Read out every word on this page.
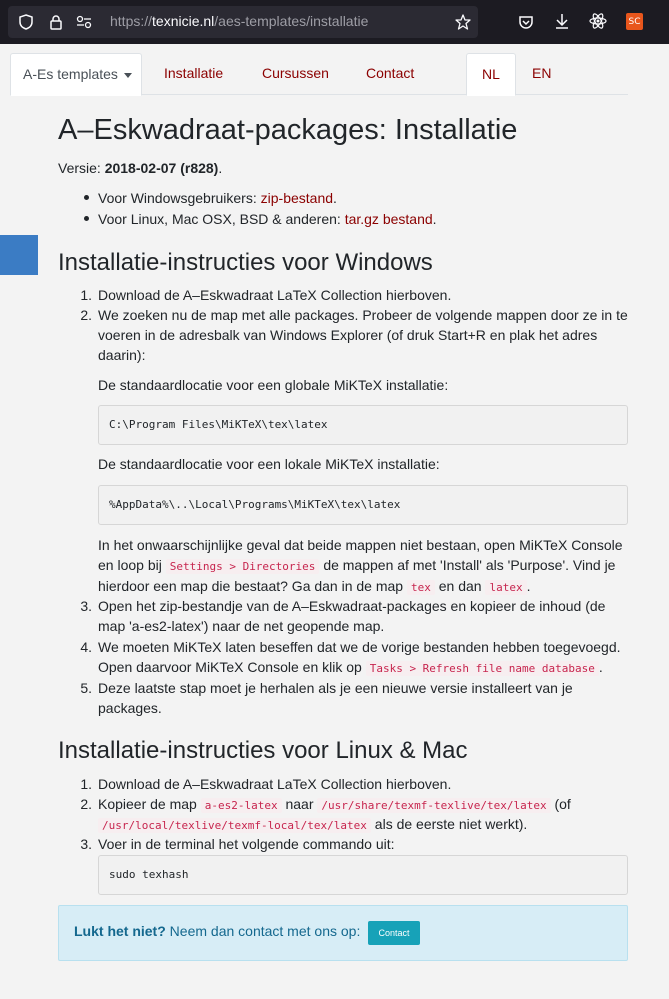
https://texnicie.nl/aes-templates/installatie	SC
A-Es templates	Installatie	Cursussen	Contact	NL	EN
A–Eskwadraat-packages: Installatie
Versie: 2018-02-07 (r828).
Voor Windowsgebruikers: zip-bestand.
Voor Linux, Mac OSX, BSD & anderen: tar.gz bestand.
Installatie-instructies voor Windows
1. Download de A–Eskwadraat LaTeX Collection hierboven.
2. We zoeken nu de map met alle packages. Probeer de volgende mappen door ze in te
voeren in de adresbalk van Windows Explorer (of druk Start+R en plak het adres
daarin):
De standaardlocatie voor een globale MiKTeX installatie:
C:\Program Files\MiKTeX\tex\latex
De standaardlocatie voor een lokale MiKTeX installatie:
%AppData%\..\Local\Programs\MiKTeX\tex\latex
In het onwaarschijnlijke geval dat beide mappen niet bestaan, open MiKTeX Console
en loop bij Settings > Directories de mappen af met 'Install' als 'Purpose'. Vind je
hierdoor een map die bestaat? Ga dan in de map tex en dan latex .
3. Open het zip-bestandje van de A–Eskwadraat-packages en kopieer de inhoud (de
map 'a-es2-latex') naar de net geopende map.
4. We moeten MiKTeX laten beseffen dat we de vorige bestanden hebben toegevoegd.
Open daarvoor MiKTeX Console en klik op Tasks > Refresh file name database .
5. Deze laatste stap moet je herhalen als je een nieuwe versie installeert van je
packages.
Installatie-instructies voor Linux & Mac
1. Download de A–Eskwadraat LaTeX Collection hierboven.
2. Kopieer de map a-es2-latex naar /usr/share/texmf-texlive/tex/latex (of
/usr/local/texlive/texmf-local/tex/latex als de eerste niet werkt).
3. Voer in de terminal het volgende commando uit:
sudo texhash
Lukt het niet? Neem dan contact met ons op:	Contact
